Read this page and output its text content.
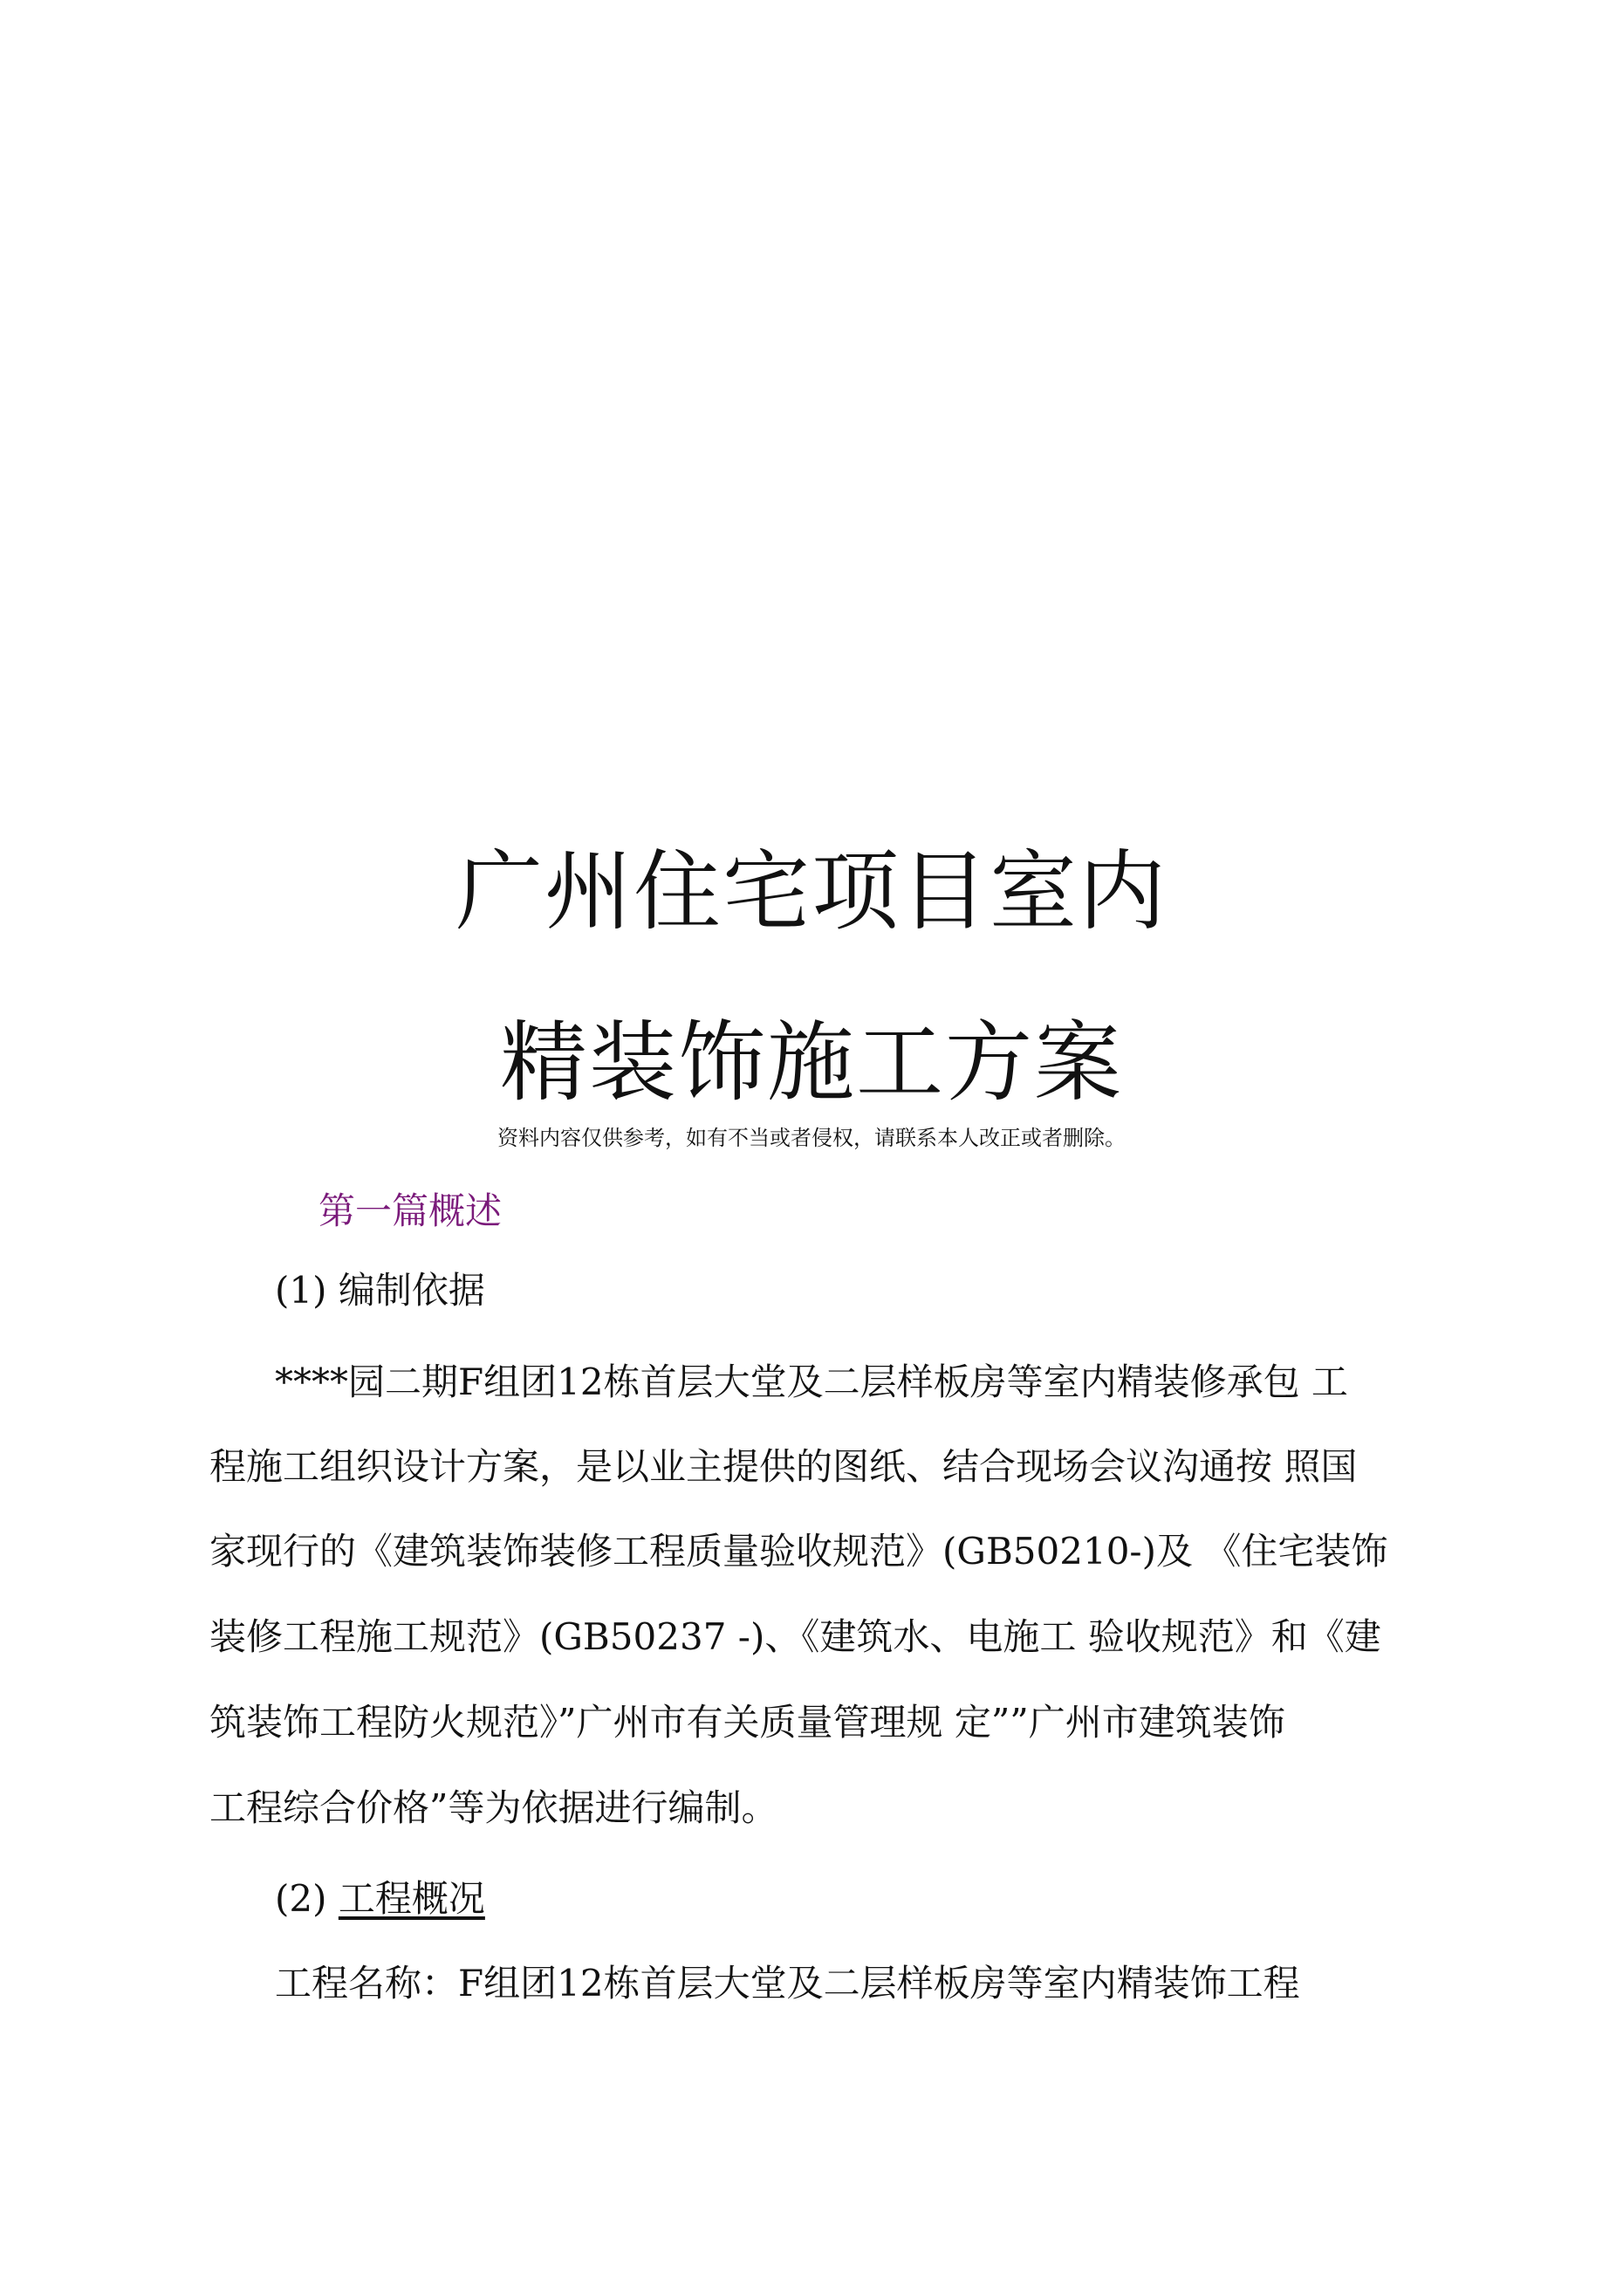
广州住宅项目室内
精装饰施工方案
资料内容仅供参考，如有不当或者侵权，请联系本人改正或者删除。
第一篇概述
(1) 编制依据
****园二期F组团12栋首层大堂及二层样板房等室内精装修承包 工
程施工组织设计方案，是以业主提供的图纸、结合现场会议沟通按 照国
家现行的《建筑装饰装修工程质量验收规范》(GB50210-)及 《住宅装饰
装修工程施工规范》(GB50237 -)、《建筑水、电施工 验收规范》和《建
筑装饰工程防火规范》”广州市有关质量管理规 定””广州市建筑装饰
工程综合价格”等为依据进行编制。
(2) 工程概况
工程名称：F组团12栋首层大堂及二层样板房等室内精装饰工程
